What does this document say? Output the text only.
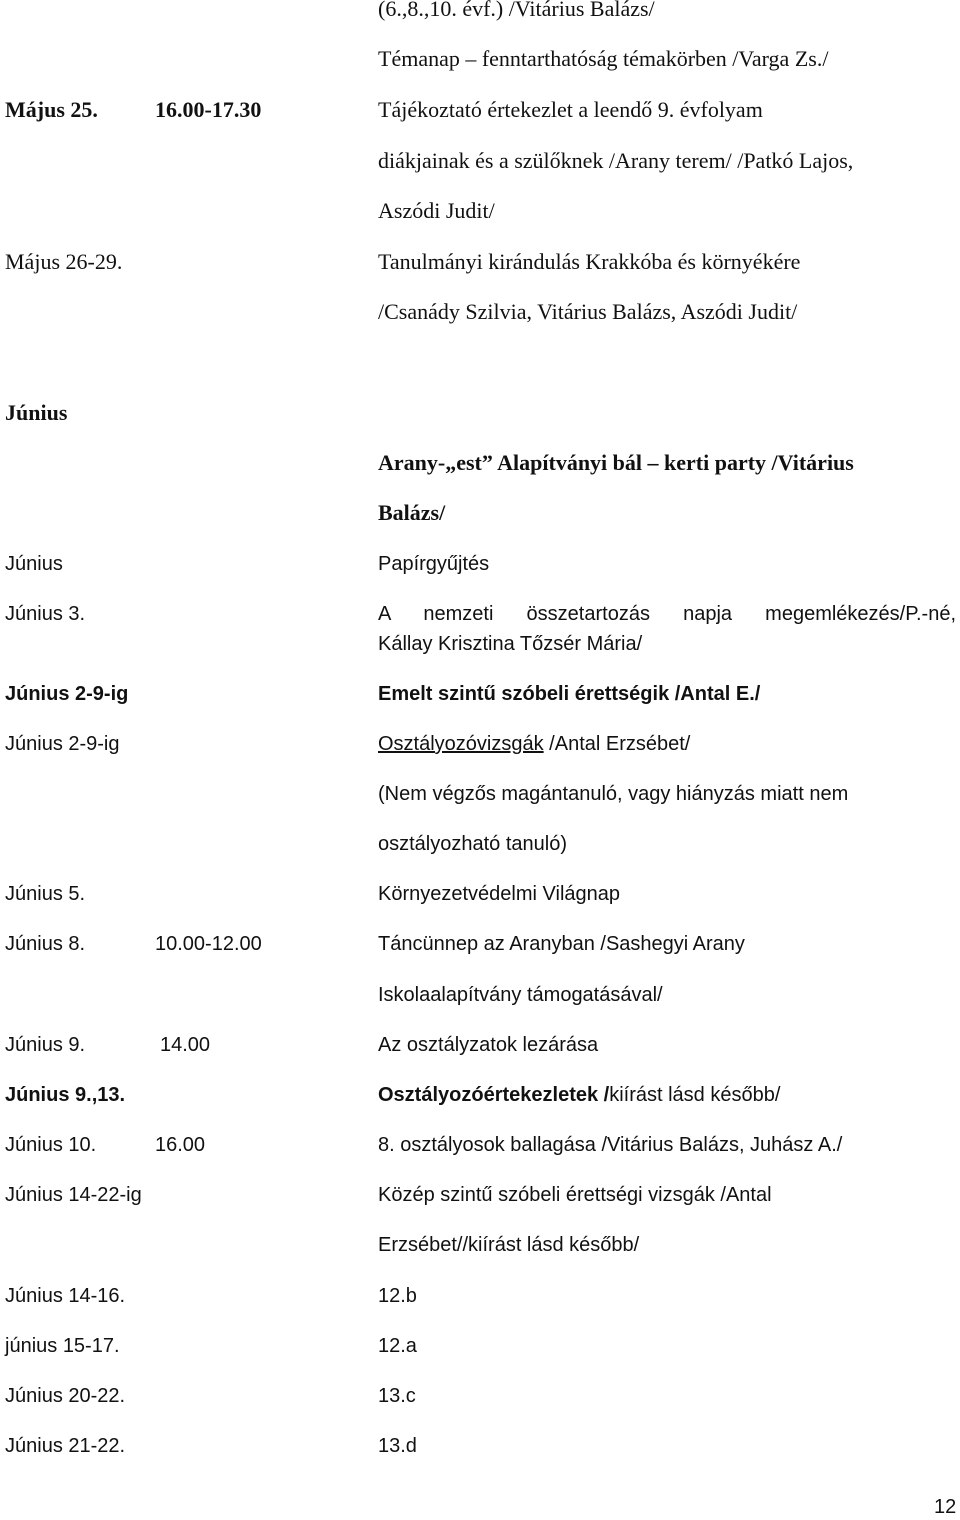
(6.,8.,10. évf.) /Vitárius Balázs/
Témanap – fenntarthatóság témakörben /Varga Zs./
Május 25.	16.00-17.30	Tájékoztató értekezlet a leendő 9. évfolyam
diákjainak és a szülőknek /Arany terem/ /Patkó Lajos,
Aszódi Judit/
Május 26-29.	Tanulmányi kirándulás Krakkóba és környékére
/Csanády Szilvia, Vitárius Balázs, Aszódi Judit/
Június
Arany-„est” Alapítványi bál – kerti party /Vitárius
Balázs/
Június	Papírgyűjtés
Június 3.	A nemzeti összetartozás napja megemlékezés/P.-né,
Kállay Krisztina Tőzsér Mária/
Június 2-9-ig	Emelt szintű szóbeli érettségik /Antal E./
Június 2-9-ig	Osztályozóvizsgák /Antal Erzsébet/
(Nem végzős magántanuló, vagy hiányzás miatt nem
osztályozható tanuló)
Június 5.	Környezetvédelmi Világnap
Június 8.	10.00-12.00	Táncünnep az Aranyban /Sashegyi Arany
Iskolaalapítvány támogatásával/
Június 9.	14.00	Az osztályzatok lezárása
Június 9.,13.	Osztályozóértekezletek /kiírást lásd később/
Június 10.	16.00	8. osztályosok ballagása /Vitárius Balázs, Juhász A./
Június 14-22-ig	Közép szintű szóbeli érettségi vizsgák /Antal
Erzsébet//kiírást lásd később/
Június 14-16.	12.b
június 15-17.	12.a
Június 20-22.	13.c
Június 21-22.	13.d
12
